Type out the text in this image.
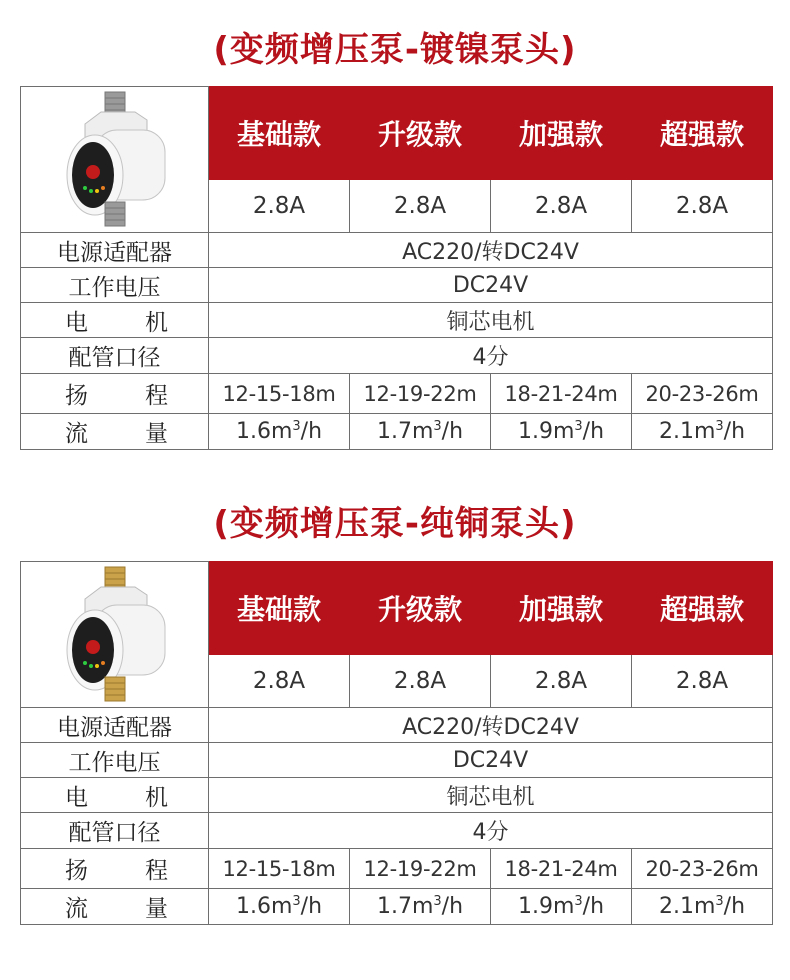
(变频增压泵-镀镍泵头)
	基础款	升级款	加强款	超强款
	2.8A	2.8A	2.8A	2.8A
电源适配器	AC220/转DC24V			
工作电压	DC24V			
电 机	铜芯电机			
配管口径	4分			
扬 程	12-15-18m	12-19-22m	18-21-24m	20-23-26m
流 量	$1.6m^3/h$	$1.7m^3/h$	$1.9m^3/h$	$2.1m^3/h$
(变频增压泵-纯铜泵头)
	基础款	升级款	加强款	超强款
	2.8A	2.8A	2.8A	2.8A
电源适配器	AC220/转DC24V			
工作电压	DC24V			
电 机	铜芯电机			
配管口径	4分			
扬 程	12-15-18m	12-19-22m	18-21-24m	20-23-26m
流 量	$1.6m^3/h$	$1.7m^3/h$	$1.9m^3/h$	$2.1m^3/h$
